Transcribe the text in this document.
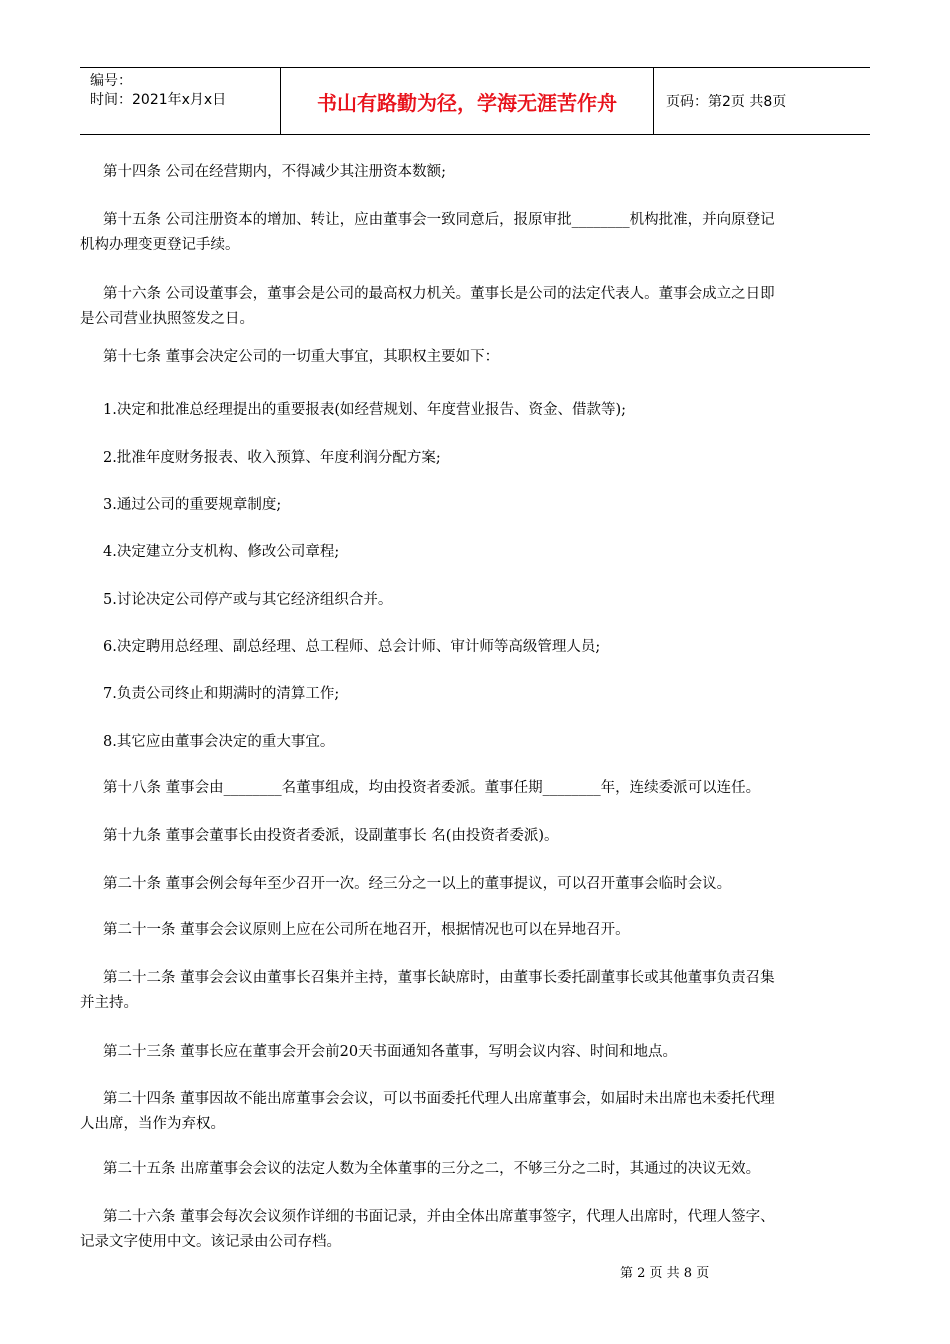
编号：
时间：2021年x月x日	书山有路勤为径，学海无涯苦作舟	页码：第2页 共8页
第十四条 公司在经营期内，不得减少其注册资本数额;
第十五条 公司注册资本的增加、转让，应由董事会一致同意后，报原审批________机构批准，并向原登记
机构办理变更登记手续。
第十六条 公司设董事会，董事会是公司的最高权力机关。董事长是公司的法定代表人。董事会成立之日即
是公司营业执照签发之日。
第十七条 董事会决定公司的一切重大事宜，其职权主要如下：
1.决定和批准总经理提出的重要报表(如经营规划、年度营业报告、资金、借款等);
2.批准年度财务报表、收入预算、年度利润分配方案;
3.通过公司的重要规章制度;
4.决定建立分支机构、修改公司章程;
5.讨论决定公司停产或与其它经济组织合并。
6.决定聘用总经理、副总经理、总工程师、总会计师、审计师等高级管理人员;
7.负责公司终止和期满时的清算工作;
8.其它应由董事会决定的重大事宜。
第十八条 董事会由________名董事组成，均由投资者委派。董事任期________年，连续委派可以连任。
第十九条 董事会董事长由投资者委派，设副董事长 名(由投资者委派)。
第二十条 董事会例会每年至少召开一次。经三分之一以上的董事提议，可以召开董事会临时会议。
第二十一条 董事会会议原则上应在公司所在地召开，根据情况也可以在异地召开。
第二十二条 董事会会议由董事长召集并主持，董事长缺席时，由董事长委托副董事长或其他董事负责召集
并主持。
第二十三条 董事长应在董事会开会前20天书面通知各董事，写明会议内容、时间和地点。
第二十四条 董事因故不能出席董事会会议，可以书面委托代理人出席董事会，如届时未出席也未委托代理
人出席，当作为弃权。
第二十五条 出席董事会会议的法定人数为全体董事的三分之二，不够三分之二时，其通过的决议无效。
第二十六条 董事会每次会议须作详细的书面记录，并由全体出席董事签字，代理人出席时，代理人签字、
记录文字使用中文。该记录由公司存档。
第 2 页 共 8 页
